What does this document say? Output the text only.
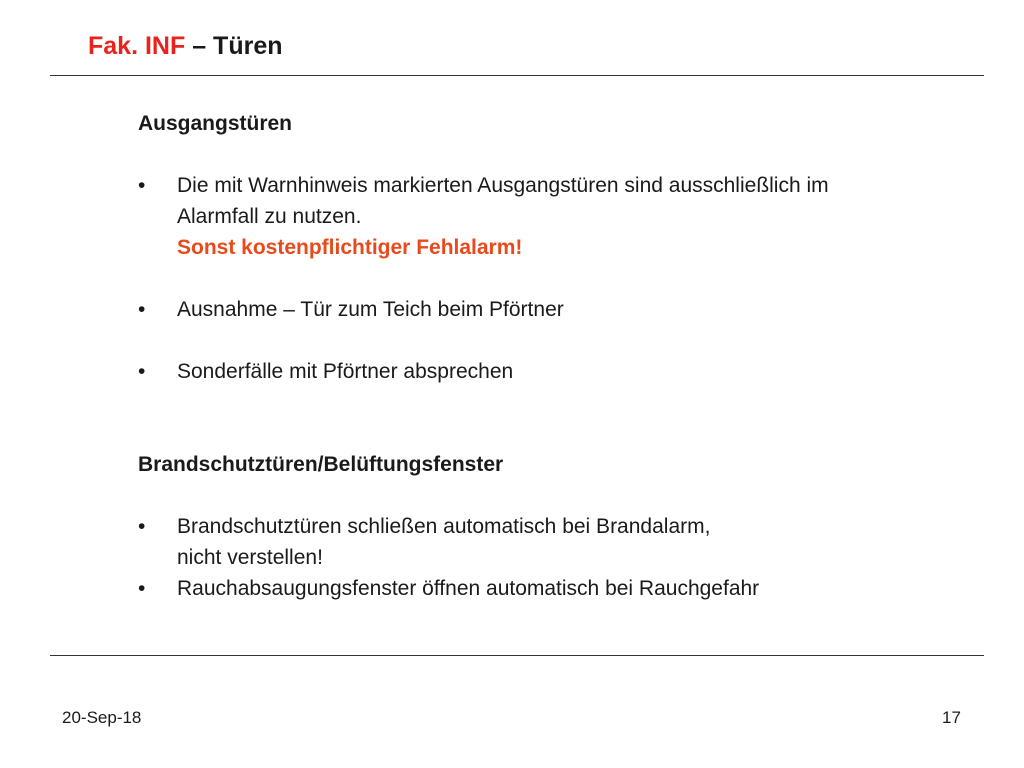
Fak. INF – Türen

Ausgangstüren

• Die mit Warnhinweis markierten Ausgangstüren sind ausschließlich im
Alarmfall zu nutzen.
Sonst kostenpflichtiger Fehlalarm!
• Ausnahme – Tür zum Teich beim Pförtner
• Sonderfälle mit Pförtner absprechen

Brandschutztüren/Belüftungsfenster

• Brandschutztüren schließen automatisch bei Brandalarm,
nicht verstellen!
• Rauchabsaugungsfenster öffnen automatisch bei Rauchgefahr
20-Sep-18	17
